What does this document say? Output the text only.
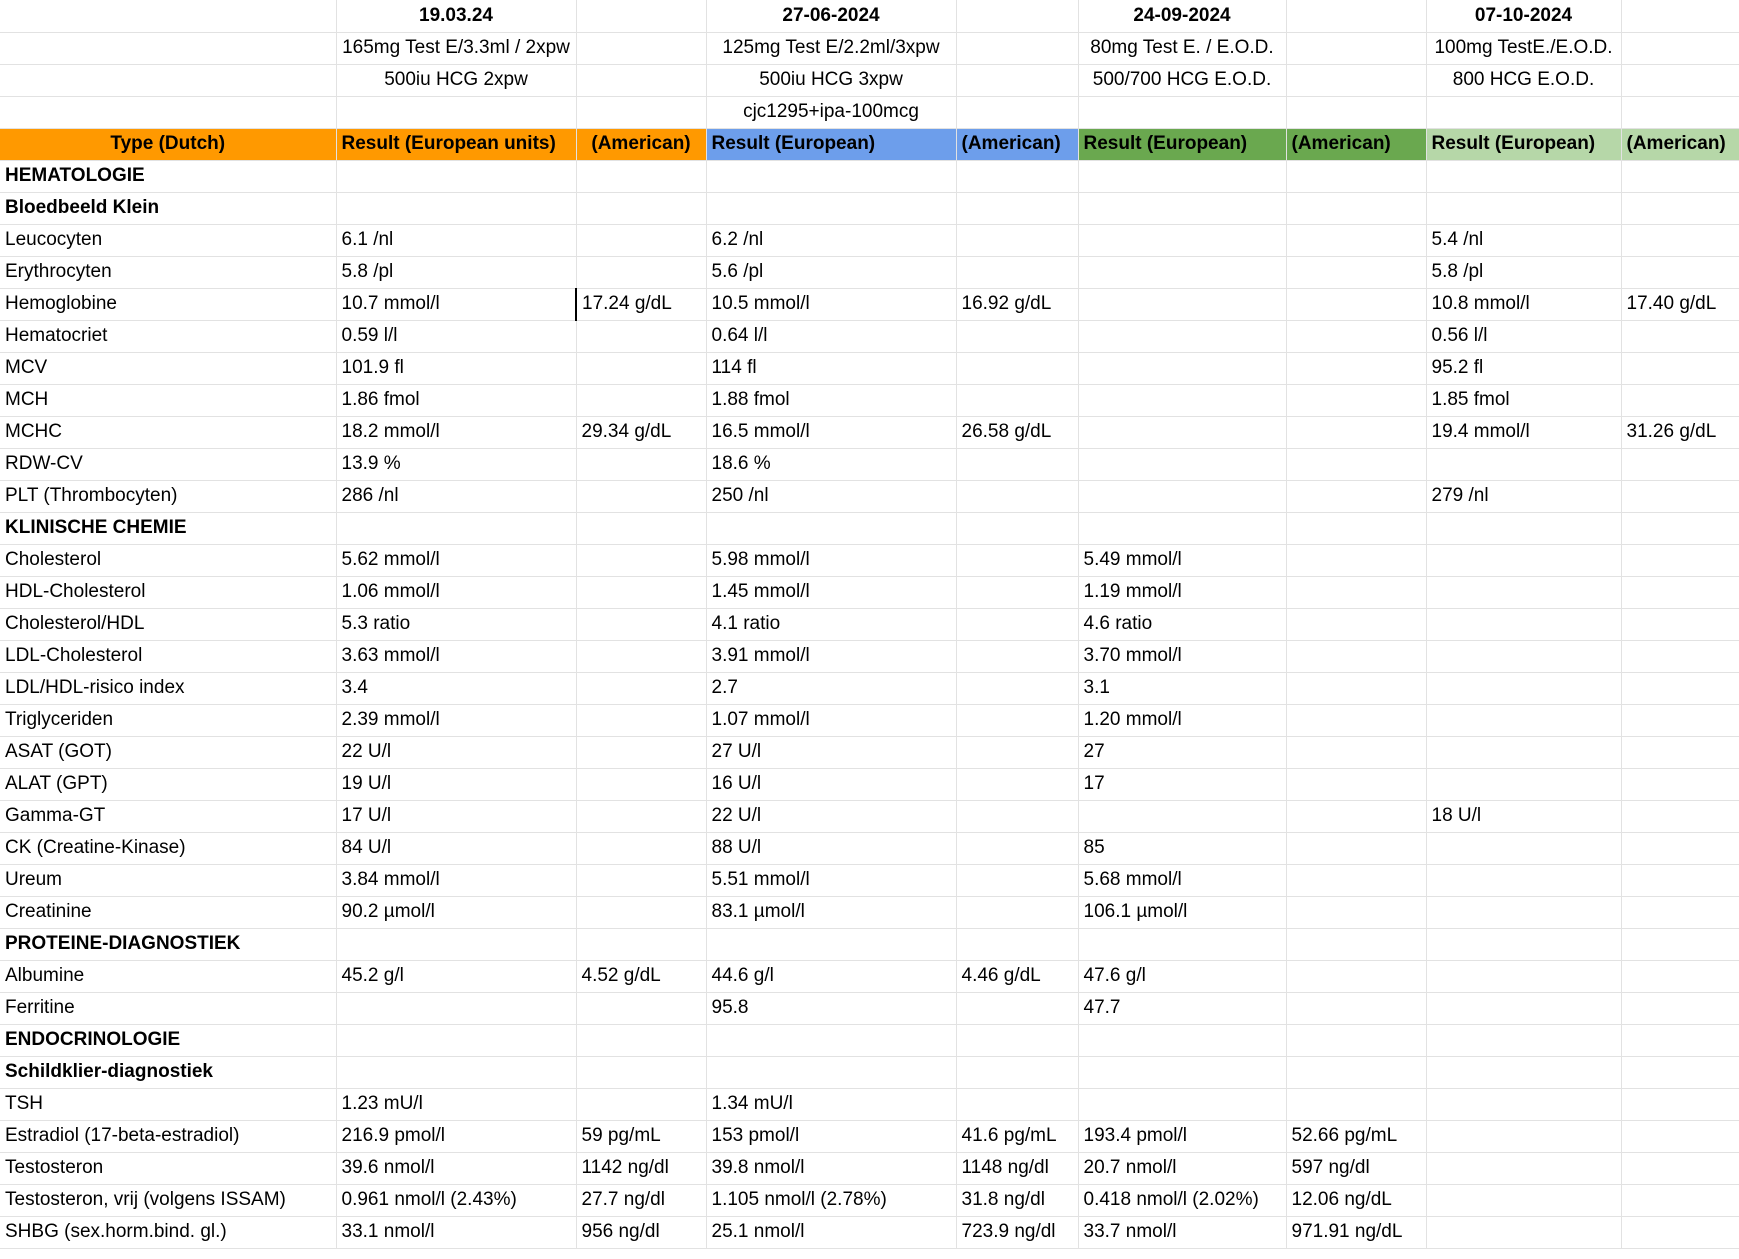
	19.03.24		27-06-2024		24-09-2024		07-10-2024	
	165mg Test E/3.3ml / 2xpw		125mg Test E/2.2ml/3xpw		80mg Test E. / E.O.D.		100mg TestE./E.O.D.	
	500iu HCG 2xpw		500iu HCG 3xpw		500/700 HCG E.O.D.		800 HCG E.O.D.	
			cjc1295+ipa-100mcg					
Type (Dutch)	Result (European units)	(American)	Result (European)	(American)	Result (European)	(American)	Result (European)	(American)
HEMATOLOGIE								
Bloedbeeld Klein								
Leucocyten	6.1 /nl		6.2 /nl				5.4 /nl	
Erythrocyten	5.8 /pl		5.6 /pl				5.8 /pl	
Hemoglobine	10.7 mmol/l	17.24 g/dL	10.5 mmol/l	16.92 g/dL			10.8 mmol/l	17.40 g/dL
Hematocriet	0.59 l/l		0.64 l/l				0.56 l/l	
MCV	101.9 fl		114 fl				95.2 fl	
MCH	1.86 fmol		1.88 fmol				1.85 fmol	
MCHC	18.2 mmol/l	29.34 g/dL	16.5 mmol/l	26.58 g/dL			19.4 mmol/l	31.26 g/dL
RDW-CV	13.9 %		18.6 %					
PLT (Thrombocyten)	286 /nl		250 /nl				279 /nl	
KLINISCHE CHEMIE								
Cholesterol	5.62 mmol/l		5.98 mmol/l		5.49 mmol/l			
HDL-Cholesterol	1.06 mmol/l		1.45 mmol/l		1.19 mmol/l			
Cholesterol/HDL	5.3 ratio		4.1 ratio		4.6 ratio			
LDL-Cholesterol	3.63 mmol/l		3.91 mmol/l		3.70 mmol/l			
LDL/HDL-risico index	3.4		2.7		3.1			
Triglyceriden	2.39 mmol/l		1.07 mmol/l		1.20 mmol/l			
ASAT (GOT)	22 U/l		27 U/l		27			
ALAT (GPT)	19 U/l		16 U/l		17			
Gamma-GT	17 U/l		22 U/l				18 U/l	
CK (Creatine-Kinase)	84 U/l		88 U/l		85			
Ureum	3.84 mmol/l		5.51 mmol/l		5.68 mmol/l			
Creatinine	90.2 µmol/l		83.1 µmol/l		106.1 µmol/l			
PROTEINE-DIAGNOSTIEK								
Albumine	45.2 g/l	4.52 g/dL	44.6 g/l	4.46 g/dL	47.6 g/l			
Ferritine			95.8		47.7			
ENDOCRINOLOGIE								
Schildklier-diagnostiek								
TSH	1.23 mU/l		1.34 mU/l					
Estradiol (17-beta-estradiol)	216.9 pmol/l	59 pg/mL	153 pmol/l	41.6 pg/mL	193.4 pmol/l	52.66 pg/mL		
Testosteron	39.6 nmol/l	1142 ng/dl	39.8 nmol/l	1148 ng/dl	20.7 nmol/l	597 ng/dl		
Testosteron, vrij (volgens ISSAM)	0.961 nmol/l (2.43%)	27.7 ng/dl	1.105 nmol/l (2.78%)	31.8 ng/dl	0.418 nmol/l (2.02%)	12.06 ng/dL		
SHBG (sex.horm.bind. gl.)	33.1 nmol/l	956 ng/dl	25.1 nmol/l	723.9 ng/dl	33.7 nmol/l	971.91 ng/dL		
